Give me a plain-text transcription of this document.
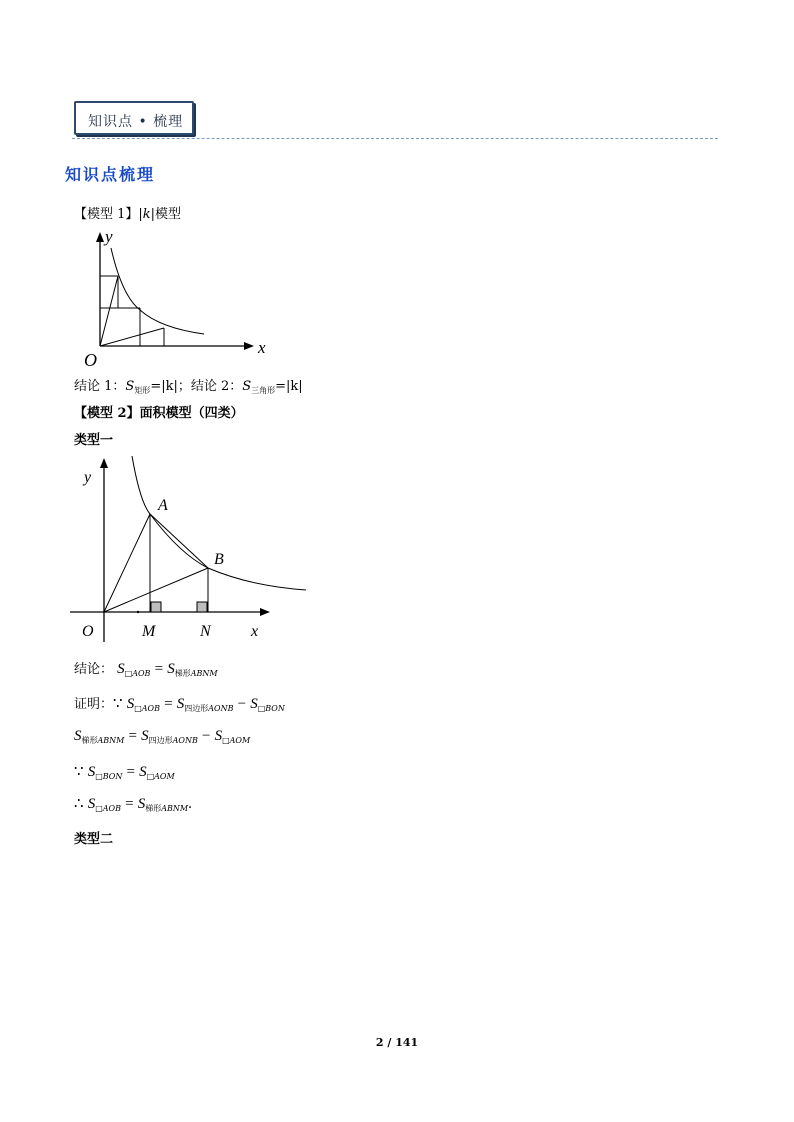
知识点 • 梳理
知识点梳理
【模型 1】|k|模型
y
x
O
结论 1：$S_{矩形}=|k|$；结论 2：$S_{三角形}=|k|$
【模型 2】面积模型（四类）
类型一
y
x
O
A
B
M	N
结论： $S_{□AOB} = S_{梯形ABNM}$
证明：∵ $S_{□AOB} = S_{四边形AONB} - S_{□BON}$
$S_{梯形ABNM} = S_{四边形AONB} - S_{□AOM}$
∵ $S_{□BON} = S_{□AOM}$
∴ $S_{□AOB} = S_{梯形ABNM}$.
类型二
2 / 141
